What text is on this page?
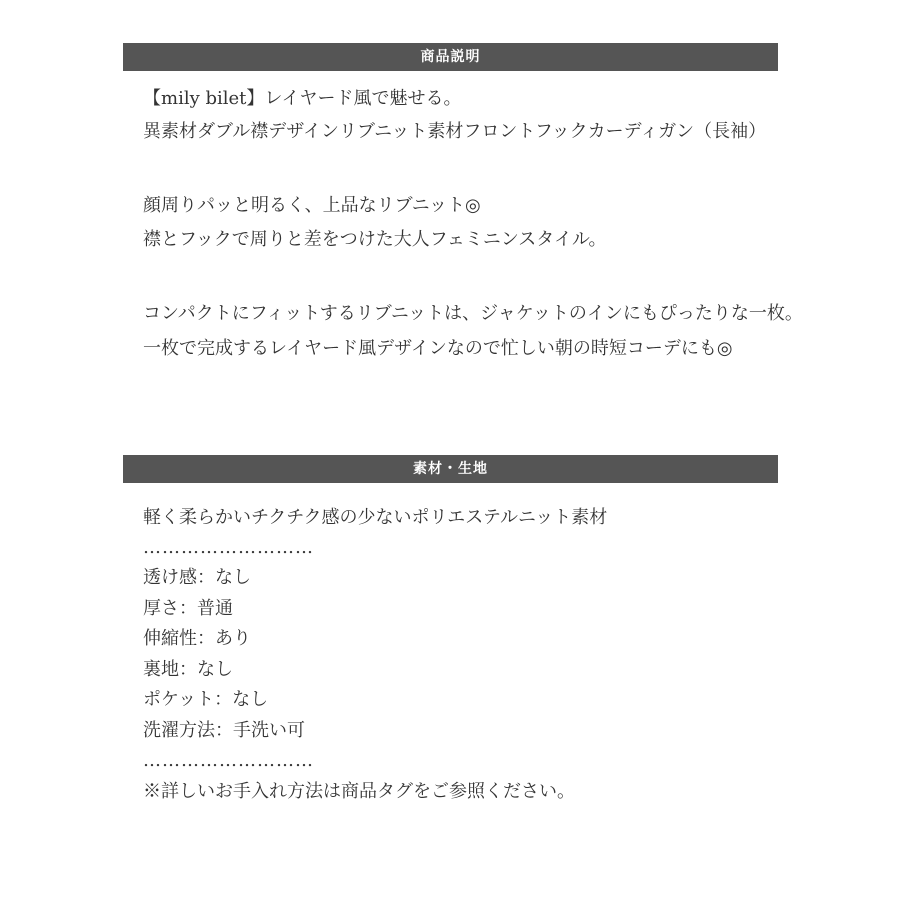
商品説明
【mily bilet】レイヤード風で魅せる。
異素材ダブル襟デザインリブニット素材フロントフックカーディガン（長袖）
顔周りパッと明るく、上品なリブニット◎
襟とフックで周りと差をつけた大人フェミニンスタイル。
コンパクトにフィットするリブニットは、ジャケットのインにもぴったりな一枚。
一枚で完成するレイヤード風デザインなので忙しい朝の時短コーデにも◎
素材・生地
軽く柔らかいチクチク感の少ないポリエステルニット素材
………………………
透け感：なし
厚さ：普通
伸縮性：あり
裏地：なし
ポケット：なし
洗濯方法：手洗い可
………………………
※詳しいお手入れ方法は商品タグをご参照ください。
